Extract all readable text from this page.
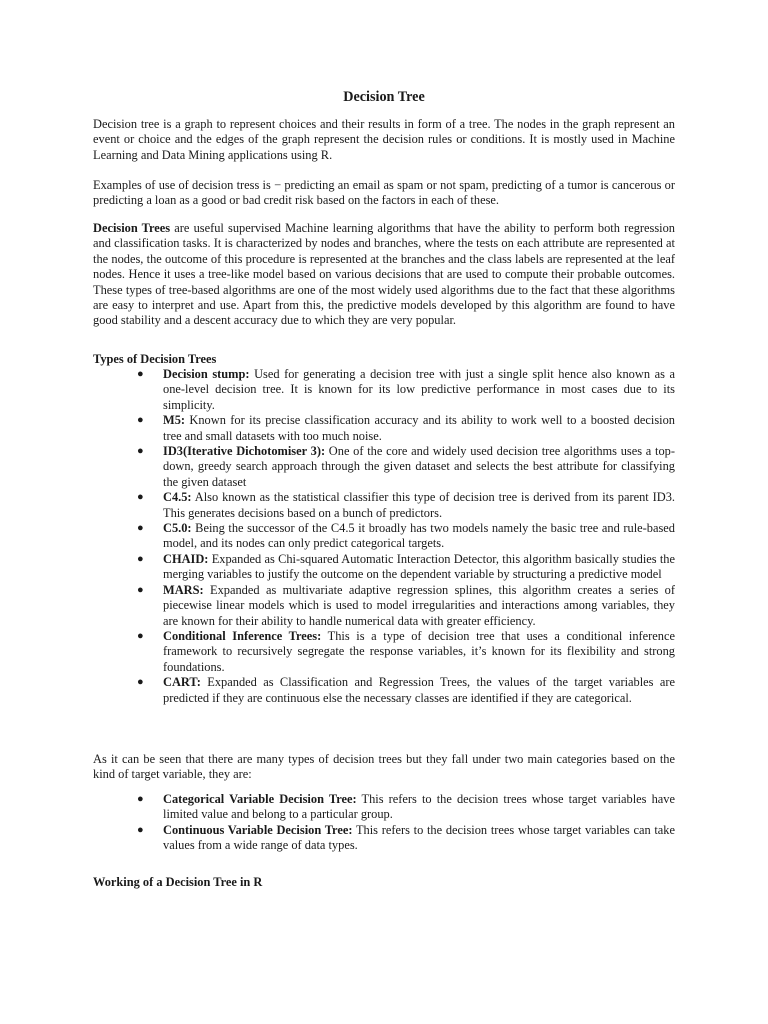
Decision Tree

Decision tree is a graph to represent choices and their results in form of a tree. The nodes in the graph represent an event or choice and the edges of the graph represent the decision rules or conditions. It is mostly used in Machine Learning and Data Mining applications using R.

Examples of use of decision tress is − predicting an email as spam or not spam, predicting of a tumor is cancerous or predicting a loan as a good or bad credit risk based on the factors in each of these.

Decision Trees are useful supervised Machine learning algorithms that have the ability to perform both regression and classification tasks. It is characterized by nodes and branches, where the tests on each attribute are represented at the nodes, the outcome of this procedure is represented at the branches and the class labels are represented at the leaf nodes. Hence it uses a tree-like model based on various decisions that are used to compute their probable outcomes. These types of tree-based algorithms are one of the most widely used algorithms due to the fact that these algorithms are easy to interpret and use. Apart from this, the predictive models developed by this algorithm are found to have good stability and a descent accuracy due to which they are very popular.

Types of Decision Trees
● Decision stump: Used for generating a decision tree with just a single split hence also known as a one-level decision tree. It is known for its low predictive performance in most cases due to its simplicity.

● M5: Known for its precise classification accuracy and its ability to work well to a boosted decision tree and small datasets with too much noise.

● ID3(Iterative Dichotomiser 3): One of the core and widely used decision tree algorithms uses a top-down, greedy search approach through the given dataset and selects the best attribute for classifying the given dataset

● C4.5: Also known as the statistical classifier this type of decision tree is derived from its parent ID3. This generates decisions based on a bunch of predictors.

● C5.0: Being the successor of the C4.5 it broadly has two models namely the basic tree and rule-based model, and its nodes can only predict categorical targets.

● CHAID: Expanded as Chi-squared Automatic Interaction Detector, this algorithm basically studies the merging variables to justify the outcome on the dependent variable by structuring a predictive model

● MARS: Expanded as multivariate adaptive regression splines, this algorithm creates a series of piecewise linear models which is used to model irregularities and interactions among variables, they are known for their ability to handle numerical data with greater efficiency.

● Conditional Inference Trees: This is a type of decision tree that uses a conditional inference framework to recursively segregate the response variables, it’s known for its flexibility and strong foundations.

● CART: Expanded as Classification and Regression Trees, the values of the target variables are predicted if they are continuous else the necessary classes are identified if they are categorical.

As it can be seen that there are many types of decision trees but they fall under two main categories based on the kind of target variable, they are:

● Categorical Variable Decision Tree: This refers to the decision trees whose target variables have limited value and belong to a particular group.

● Continuous Variable Decision Tree: This refers to the decision trees whose target variables can take values from a wide range of data types.

Working of a Decision Tree in R
